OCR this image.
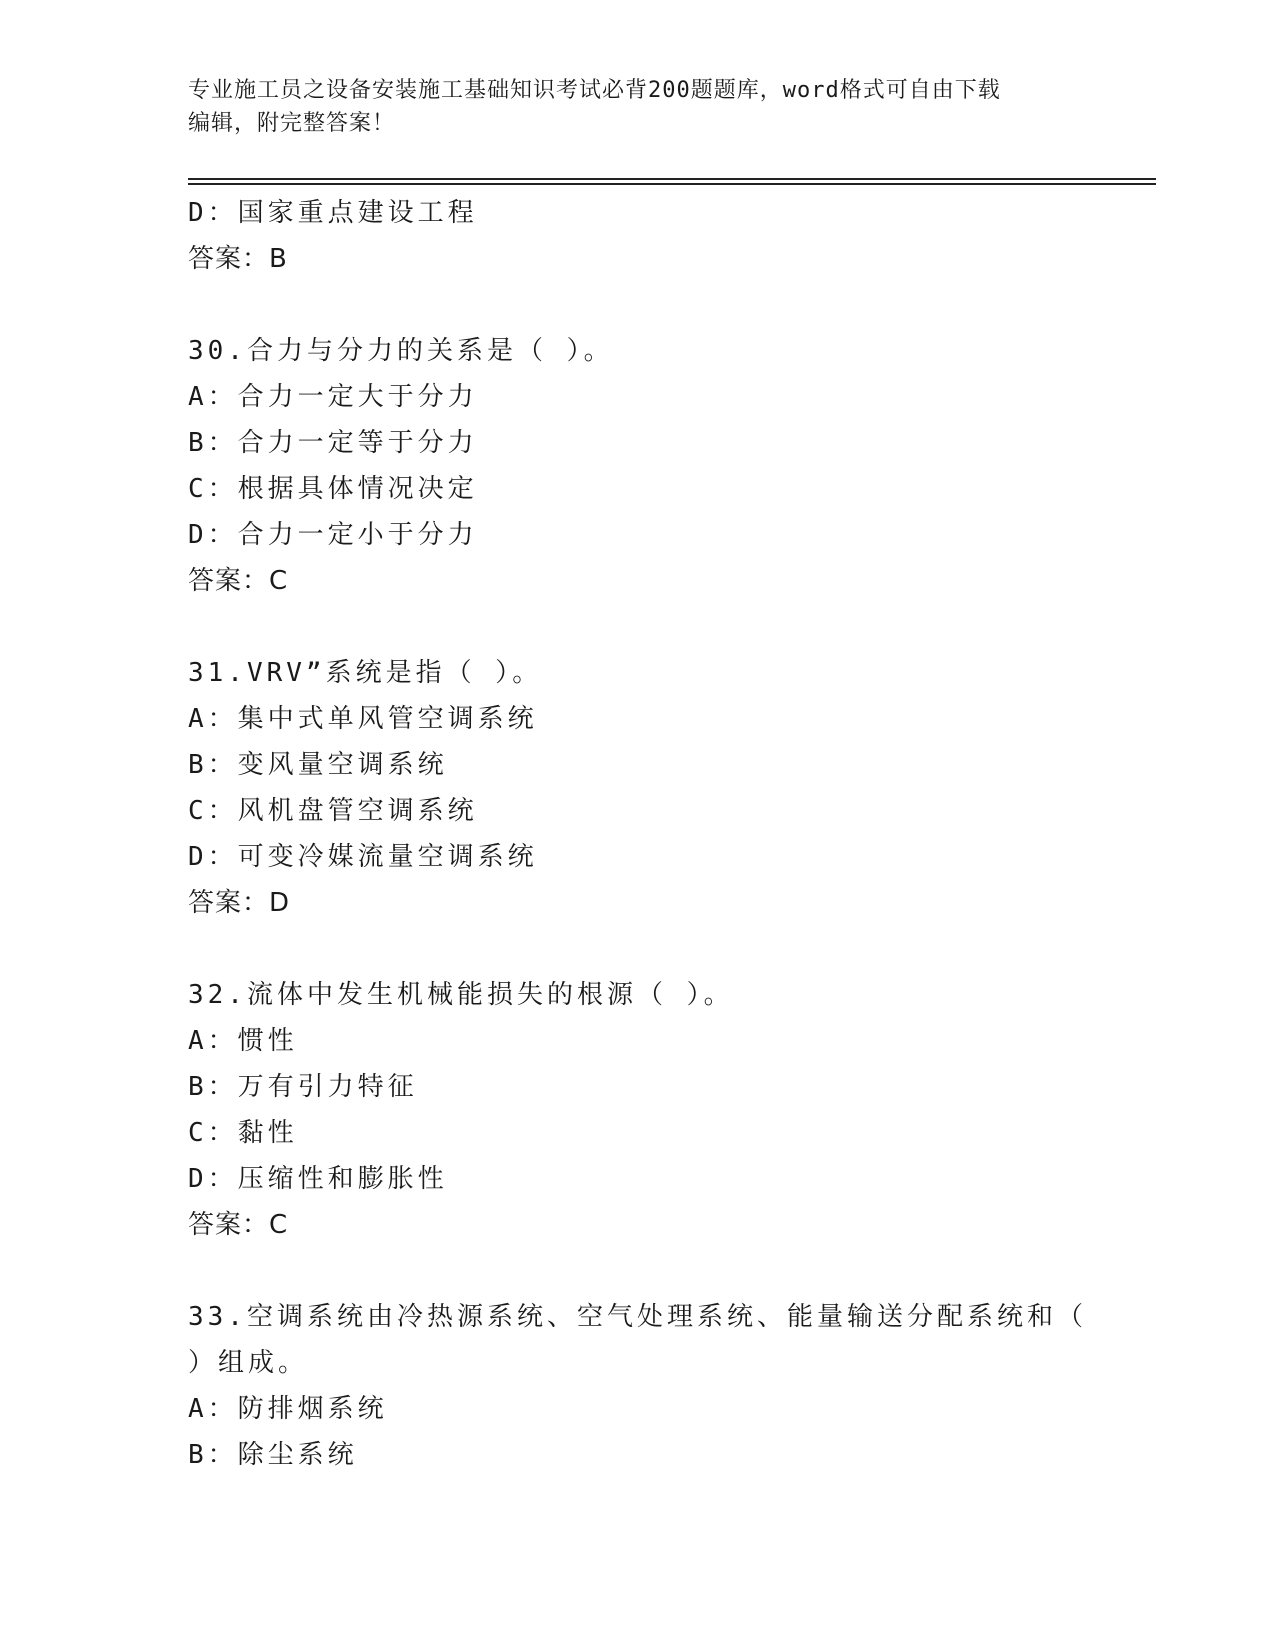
专业施工员之设备安装施工基础知识考试必背200题题库，word格式可自由下载
编辑，附完整答案！
D：国家重点建设工程
答案：B
30.合力与分力的关系是（ ）。
A：合力一定大于分力
B：合力一定等于分力
C：根据具体情况决定
D：合力一定小于分力
答案：C
31.VRV”系统是指（ ）。
A：集中式单风管空调系统
B：变风量空调系统
C：风机盘管空调系统
D：可变冷媒流量空调系统
答案：D
32.流体中发生机械能损失的根源（ ）。
A：惯性
B：万有引力特征
C：黏性
D：压缩性和膨胀性
答案：C
33.空调系统由冷热源系统、空气处理系统、能量输送分配系统和（
）组成。
A：防排烟系统
B：除尘系统
